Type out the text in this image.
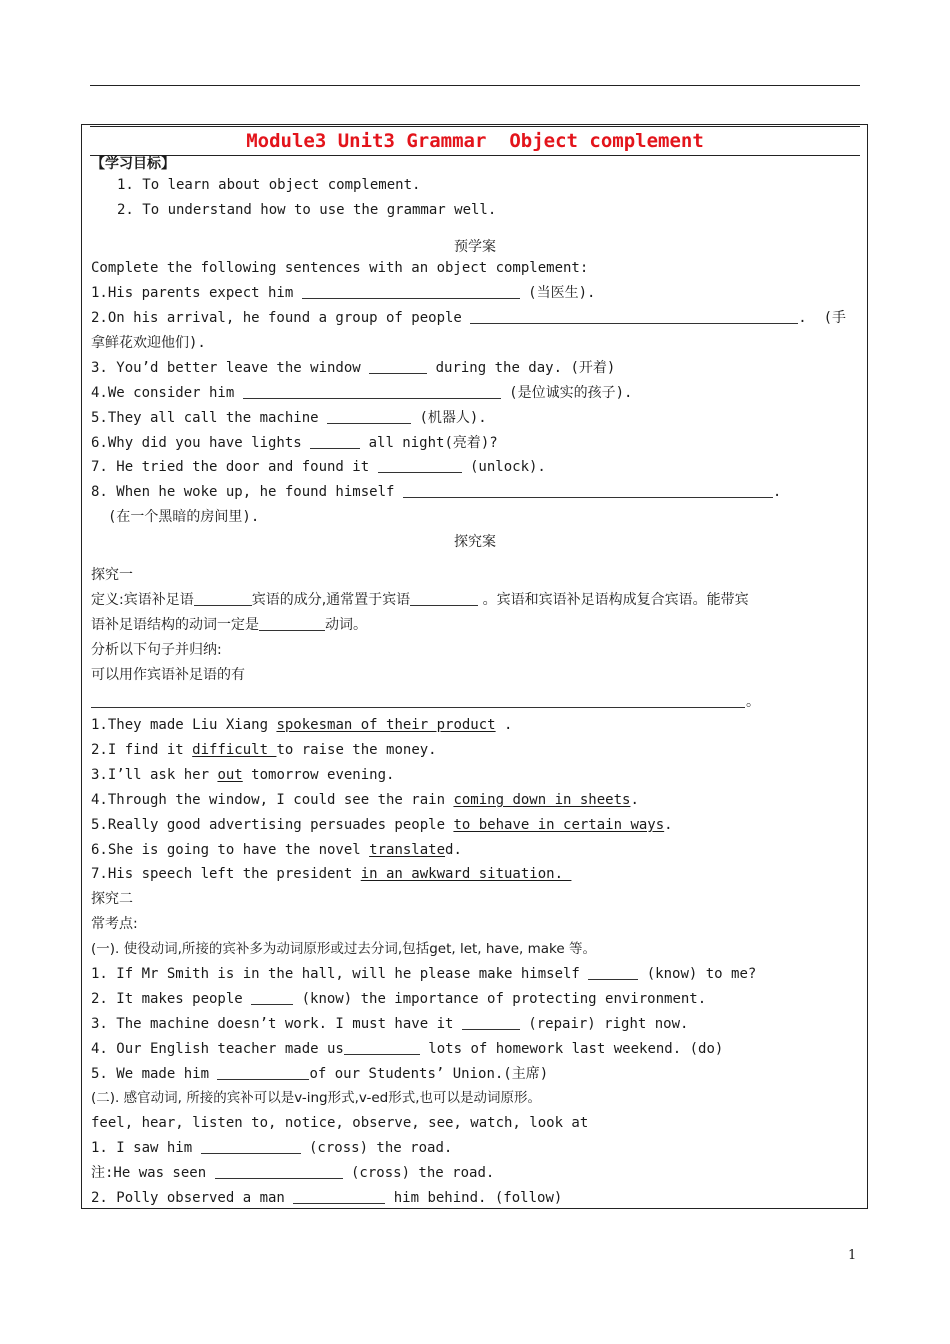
Module3 Unit3 Grammar  Object complement
【学习目标】
1. To learn about object complement.
2. To understand how to use the grammar well.
预学案
Complete the following sentences with an object complement:
1.His parents expect him	(当医生).
2.On his arrival, he found a group of people	.  (手
拿鲜花欢迎他们).
3. You’d better leave the window	during the day. (开着)
4.We consider him	(是位诚实的孩子).
5.They all call the machine	(机器人).
6.Why did you have lights	all night(亮着)?
7. He tried the door and found it	(unlock).
8. When he woke up, he found himself	.
(在一个黑暗的房间里).
探究案
探究一
定义:宾语补足语	宾语的成分,通常置于宾语	。宾语和宾语补足语构成复合宾语。能带宾
语补足语结构的动词一定是	动词。
分析以下句子并归纳:
可以用作宾语补足语的有
。
1.They made Liu Xiang spokesman of their product .
2.I find it difficult to raise the money.
3.I’ll ask her out tomorrow evening.
4.Through the window, I could see the rain coming down in sheets.
5.Really good advertising persuades people to behave in certain ways.
6.She is going to have the novel translated.
7.His speech left the president in an awkward situation.
探究二
常考点:
(一). 使役动词,所接的宾补多为动词原形或过去分词,包括get, let, have, make 等。
1. If Mr Smith is in the hall, will he please make himself	(know) to me?
2. It makes people	(know) the importance of protecting environment.
3. The machine doesn’t work. I must have it	(repair) right now.
4. Our English teacher made us	lots of homework last weekend. (do)
5. We made him	of our Students’ Union.(主席)
(二). 感官动词, 所接的宾补可以是v-ing形式,v-ed形式,也可以是动词原形。
feel, hear, listen to, notice, observe, see, watch, look at
1. I saw him	(cross) the road.
注:He was seen	(cross) the road.
2. Polly observed a man	him behind. (follow)
1
